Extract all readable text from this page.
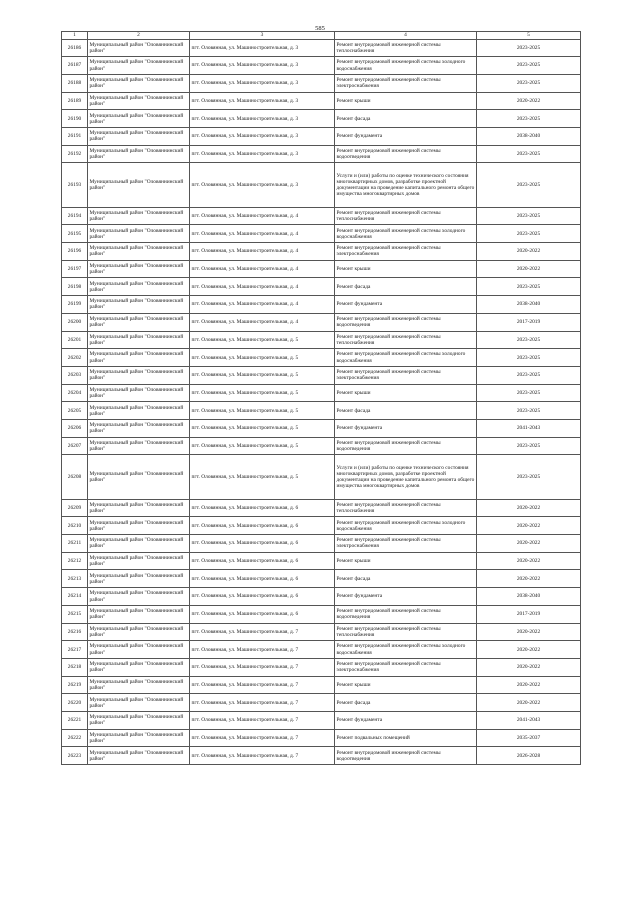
585
1	2	3	4	5
26186	Муниципальный район "Оловяннинский район"	пгт. Оловянная, ул. Машиностроительная, д. 3	Ремонт внутридомовой инженерной системы теплоснабжения	2023-2025
26187	Муниципальный район "Оловяннинский район"	пгт. Оловянная, ул. Машиностроительная, д. 3	Ремонт внутридомовой инженерной системы холодного водоснабжения	2023-2025
26188	Муниципальный район "Оловяннинский район"	пгт. Оловянная, ул. Машиностроительная, д. 3	Ремонт внутридомовой инженерной системы электроснабжения	2023-2025
26189	Муниципальный район "Оловяннинский район"	пгт. Оловянная, ул. Машиностроительная, д. 3	Ремонт крыши	2020-2022
26190	Муниципальный район "Оловяннинский район"	пгт. Оловянная, ул. Машиностроительная, д. 3	Ремонт фасада	2023-2025
26191	Муниципальный район "Оловяннинский район"	пгт. Оловянная, ул. Машиностроительная, д. 3	Ремонт фундамента	2038-2040
26192	Муниципальный район "Оловяннинский район"	пгт. Оловянная, ул. Машиностроительная, д. 3	Ремонт внутридомовой инженерной системы водоотведения	2023-2025
26193	Муниципальный район "Оловяннинский район"	пгт. Оловянная, ул. Машиностроительная, д. 3	Услуги и (или) работы по оценке технического состояния многоквартирных домов, разработке проектной документации на проведение капитального ремонта общего имущества многоквартирных домов	2023-2025
26194	Муниципальный район "Оловяннинский район"	пгт. Оловянная, ул. Машиностроительная, д. 4	Ремонт внутридомовой инженерной системы теплоснабжения	2023-2025
26195	Муниципальный район "Оловяннинский район"	пгт. Оловянная, ул. Машиностроительная, д. 4	Ремонт внутридомовой инженерной системы холодного водоснабжения	2023-2025
26196	Муниципальный район "Оловяннинский район"	пгт. Оловянная, ул. Машиностроительная, д. 4	Ремонт внутридомовой инженерной системы электроснабжения	2020-2022
26197	Муниципальный район "Оловяннинский район"	пгт. Оловянная, ул. Машиностроительная, д. 4	Ремонт крыши	2020-2022
26198	Муниципальный район "Оловяннинский район"	пгт. Оловянная, ул. Машиностроительная, д. 4	Ремонт фасада	2023-2025
26199	Муниципальный район "Оловяннинский район"	пгт. Оловянная, ул. Машиностроительная, д. 4	Ремонт фундамента	2038-2040
26200	Муниципальный район "Оловяннинский район"	пгт. Оловянная, ул. Машиностроительная, д. 4	Ремонт внутридомовой инженерной системы водоотведения	2017-2019
26201	Муниципальный район "Оловяннинский район"	пгт. Оловянная, ул. Машиностроительная, д. 5	Ремонт внутридомовой инженерной системы теплоснабжения	2023-2025
26202	Муниципальный район "Оловяннинский район"	пгт. Оловянная, ул. Машиностроительная, д. 5	Ремонт внутридомовой инженерной системы холодного водоснабжения	2023-2025
26203	Муниципальный район "Оловяннинский район"	пгт. Оловянная, ул. Машиностроительная, д. 5	Ремонт внутридомовой инженерной системы электроснабжения	2023-2025
26204	Муниципальный район "Оловяннинский район"	пгт. Оловянная, ул. Машиностроительная, д. 5	Ремонт крыши	2023-2025
26205	Муниципальный район "Оловяннинский район"	пгт. Оловянная, ул. Машиностроительная, д. 5	Ремонт фасада	2023-2025
26206	Муниципальный район "Оловяннинский район"	пгт. Оловянная, ул. Машиностроительная, д. 5	Ремонт фундамента	2041-2043
26207	Муниципальный район "Оловяннинский район"	пгт. Оловянная, ул. Машиностроительная, д. 5	Ремонт внутридомовой инженерной системы водоотведения	2023-2025
26208	Муниципальный район "Оловяннинский район"	пгт. Оловянная, ул. Машиностроительная, д. 5	Услуги и (или) работы по оценке технического состояния многоквартирных домов, разработке проектной документации на проведение капитального ремонта общего имущества многоквартирных домов	2023-2025
26209	Муниципальный район "Оловяннинский район"	пгт. Оловянная, ул. Машиностроительная, д. 6	Ремонт внутридомовой инженерной системы теплоснабжения	2020-2022
26210	Муниципальный район "Оловяннинский район"	пгт. Оловянная, ул. Машиностроительная, д. 6	Ремонт внутридомовой инженерной системы холодного водоснабжения	2020-2022
26211	Муниципальный район "Оловяннинский район"	пгт. Оловянная, ул. Машиностроительная, д. 6	Ремонт внутридомовой инженерной системы электроснабжения	2020-2022
26212	Муниципальный район "Оловяннинский район"	пгт. Оловянная, ул. Машиностроительная, д. 6	Ремонт крыши	2020-2022
26213	Муниципальный район "Оловяннинский район"	пгт. Оловянная, ул. Машиностроительная, д. 6	Ремонт фасада	2020-2022
26214	Муниципальный район "Оловяннинский район"	пгт. Оловянная, ул. Машиностроительная, д. 6	Ремонт фундамента	2038-2040
26215	Муниципальный район "Оловяннинский район"	пгт. Оловянная, ул. Машиностроительная, д. 6	Ремонт внутридомовой инженерной системы водоотведения	2017-2019
26216	Муниципальный район "Оловяннинский район"	пгт. Оловянная, ул. Машиностроительная, д. 7	Ремонт внутридомовой инженерной системы теплоснабжения	2020-2022
26217	Муниципальный район "Оловяннинский район"	пгт. Оловянная, ул. Машиностроительная, д. 7	Ремонт внутридомовой инженерной системы холодного водоснабжения	2020-2022
26218	Муниципальный район "Оловяннинский район"	пгт. Оловянная, ул. Машиностроительная, д. 7	Ремонт внутридомовой инженерной системы электроснабжения	2020-2022
26219	Муниципальный район "Оловяннинский район"	пгт. Оловянная, ул. Машиностроительная, д. 7	Ремонт крыши	2020-2022
26220	Муниципальный район "Оловяннинский район"	пгт. Оловянная, ул. Машиностроительная, д. 7	Ремонт фасада	2020-2022
26221	Муниципальный район "Оловяннинский район"	пгт. Оловянная, ул. Машиностроительная, д. 7	Ремонт фундамента	2041-2043
26222	Муниципальный район "Оловяннинский район"	пгт. Оловянная, ул. Машиностроительная, д. 7	Ремонт подвальных помещений	2035-2037
26223	Муниципальный район "Оловяннинский район"	пгт. Оловянная, ул. Машиностроительная, д. 7	Ремонт внутридомовой инженерной системы водоотведения	2026-2028
